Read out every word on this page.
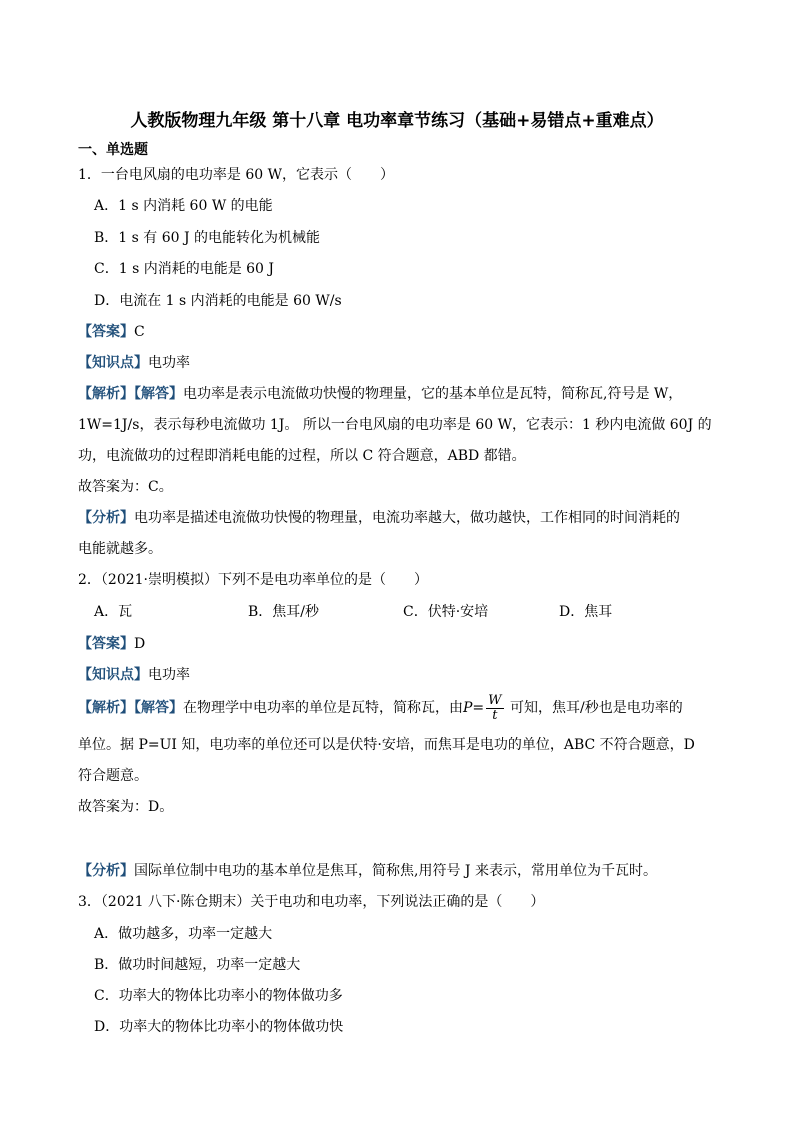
人教版物理九年级 第十八章 电功率章节练习（基础+易错点+重难点）
一、单选题
1．一台电风扇的电功率是 60 W，它表示（　　）
A．1 s 内消耗 60 W 的电能
B．1 s 有 60 J 的电能转化为机械能
C．1 s 内消耗的电能是 60 J
D．电流在 1 s 内消耗的电能是 60 W/s
【答案】C
【知识点】电功率
【解析】【解答】电功率是表示电流做功快慢的物理量，它的基本单位是瓦特，简称瓦,符号是 W，
1W=1J/s，表示每秒电流做功 1J。 所以一台电风扇的电功率是 60 W，它表示：1 秒内电流做 60J 的
功，电流做功的过程即消耗电能的过程，所以 C 符合题意，ABD 都错。
故答案为：C。
【分析】电功率是描述电流做功快慢的物理量，电流功率越大，做功越快，工作相同的时间消耗的
电能就越多。
2．（2021·崇明模拟）下列不是电功率单位的是（　　）
A．瓦	B．焦耳/秒	C．伏特·安培	D．焦耳
【答案】D
【知识点】电功率
【解析】【解答】在物理学中电功率的单位是瓦特，简称瓦，由$P= \frac{W}{t}$ 可知，焦耳/秒也是电功率的
单位。据 P=UI 知，电功率的单位还可以是伏特·安培，而焦耳是电功的单位，ABC 不符合题意，D
符合题意。
故答案为：D。
【分析】国际单位制中电功的基本单位是焦耳，简称焦,用符号 J 来表示，常用单位为千瓦时。
3．（2021 八下·陈仓期末）关于电功和电功率，下列说法正确的是（　　）
A．做功越多，功率一定越大
B．做功时间越短，功率一定越大
C．功率大的物体比功率小的物体做功多
D．功率大的物体比功率小的物体做功快
